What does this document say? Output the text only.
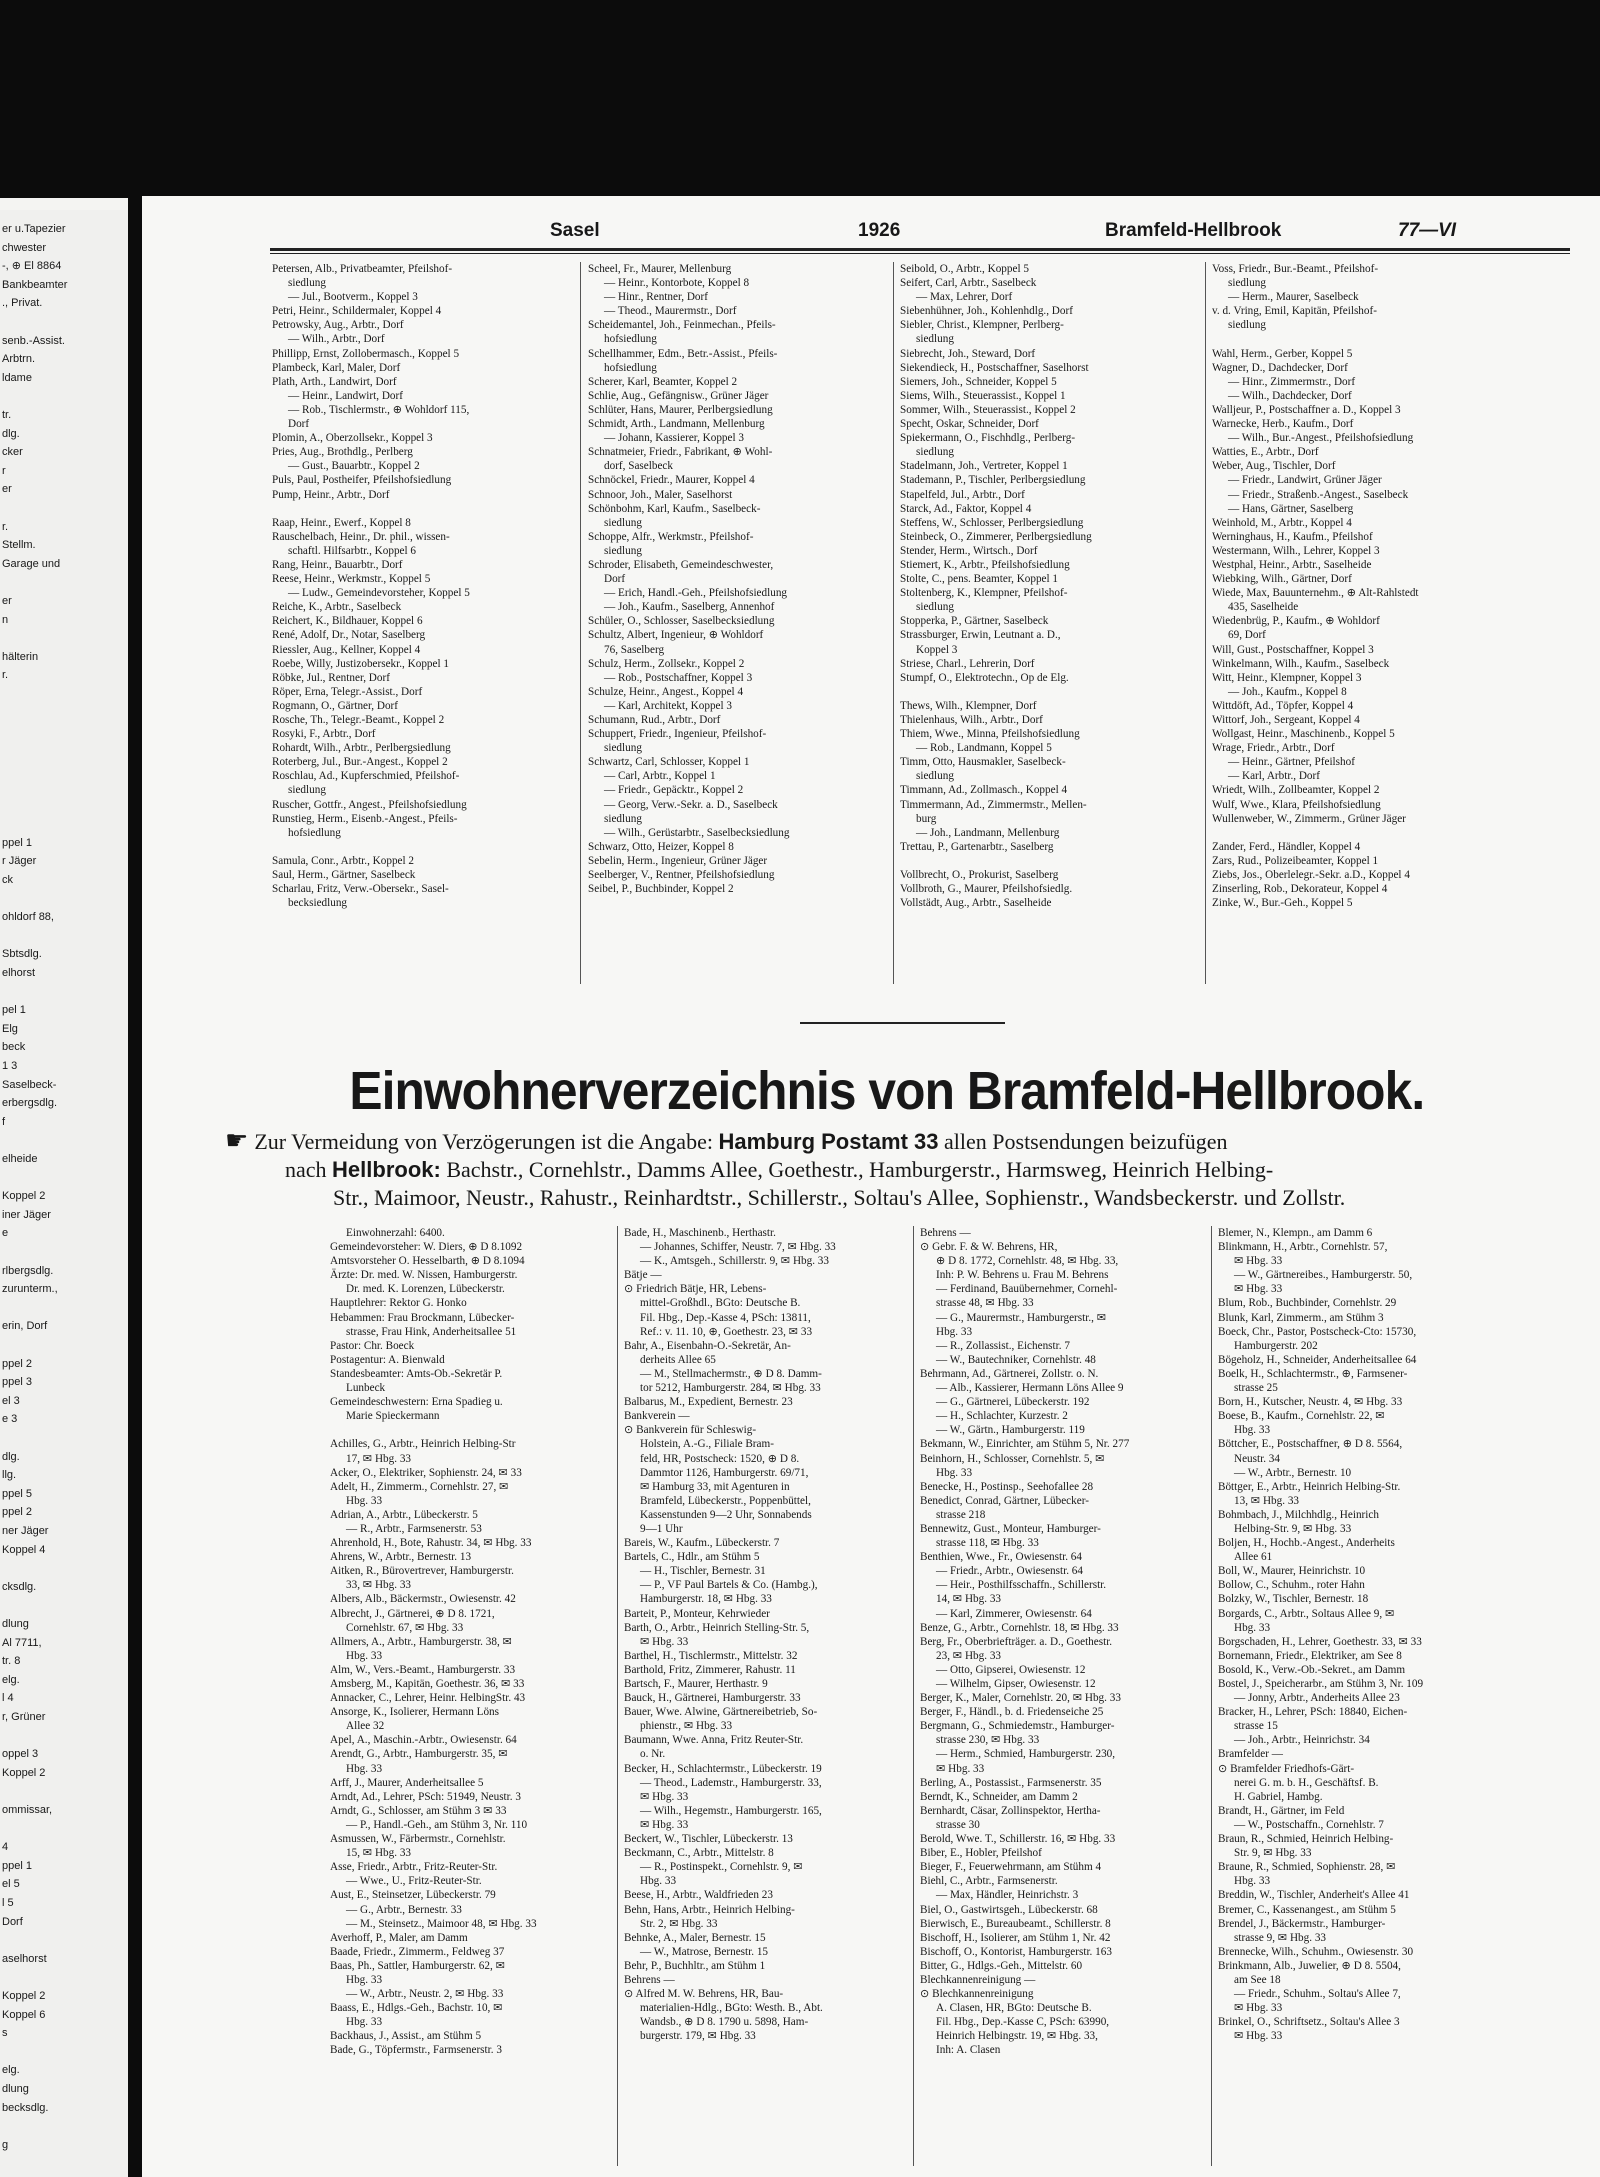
er u.Tapezier
chwester
-, ⊕ El 8864
Bankbeamter
., Privat.
senb.-Assist.
Arbtrn.
ldame
tr.
dlg.
cker
r
er
r.
Stellm.
Garage und
er
n
hälterin
r.
ppel 1
r Jäger
ck
ohldorf 88,
Sbtsdlg.
elhorst
pel 1
Elg
beck
1 3
Saselbeck-
erbergsdlg.
f
elheide
Koppel 2
iner Jäger
e
rlbergsdlg.
zurunterm.,
erin, Dorf
ppel 2
ppel 3
el 3
e 3
dlg.
llg.
ppel 5
ppel 2
ner Jäger
Koppel 4
cksdlg.
dlung
Al 7711,
tr. 8
elg.
l 4
r, Grüner
oppel 3
Koppel 2
ommissar,
4
ppel 1
el 5
l 5
Dorf
aselhorst
Koppel 2
Koppel 6
s
elg.
dlung
becksdlg.
g
Sasel	1926	Bramfeld-Hellbrook	77—VI
Petersen, Alb., Privatbeamter, Pfeilshof-
siedlung
— Jul., Bootverm., Koppel 3
Petri, Heinr., Schildermaler, Koppel 4
Petrowsky, Aug., Arbtr., Dorf
— Wilh., Arbtr., Dorf
Phillipp, Ernst, Zollobermasch., Koppel 5
Plambeck, Karl, Maler, Dorf
Plath, Arth., Landwirt, Dorf
— Heinr., Landwirt, Dorf
— Rob., Tischlermstr., ⊕ Wohldorf 115,
Dorf
Plomin, A., Oberzollsekr., Koppel 3
Pries, Aug., Brothdlg., Perlberg
— Gust., Bauarbtr., Koppel 2
Puls, Paul, Postheifer, Pfeilshofsiedlung
Pump, Heinr., Arbtr., Dorf

Raap, Heinr., Ewerf., Koppel 8
Rauschelbach, Heinr., Dr. phil., wissen-
schaftl. Hilfsarbtr., Koppel 6
Rang, Heinr., Bauarbtr., Dorf
Reese, Heinr., Werkmstr., Koppel 5
— Ludw., Gemeindevorsteher, Koppel 5
Reiche, K., Arbtr., Saselbeck
Reichert, K., Bildhauer, Koppel 6
René, Adolf, Dr., Notar, Saselberg
Riessler, Aug., Kellner, Koppel 4
Roebe, Willy, Justizobersekr., Koppel 1
Röbke, Jul., Rentner, Dorf
Röper, Erna, Telegr.-Assist., Dorf
Rogmann, O., Gärtner, Dorf
Rosche, Th., Telegr.-Beamt., Koppel 2
Rosyki, F., Arbtr., Dorf
Rohardt, Wilh., Arbtr., Perlbergsiedlung
Roterberg, Jul., Bur.-Angest., Koppel 2
Roschlau, Ad., Kupferschmied, Pfeilshof-
siedlung
Ruscher, Gottfr., Angest., Pfeilshofsiedlung
Runstieg, Herm., Eisenb.-Angest., Pfeils-
hofsiedlung

Samula, Conr., Arbtr., Koppel 2
Saul, Herm., Gärtner, Saselbeck
Scharlau, Fritz, Verw.-Obersekr., Sasel-
becksiedlung
Scheel, Fr., Maurer, Mellenburg
— Heinr., Kontorbote, Koppel 8
— Hinr., Rentner, Dorf
— Theod., Maurermstr., Dorf
Scheidemantel, Joh., Feinmechan., Pfeils-
hofsiedlung
Schellhammer, Edm., Betr.-Assist., Pfeils-
hofsiedlung
Scherer, Karl, Beamter, Koppel 2
Schlie, Aug., Gefängnisw., Grüner Jäger
Schlüter, Hans, Maurer, Perlbergsiedlung
Schmidt, Arth., Landmann, Mellenburg
— Johann, Kassierer, Koppel 3
Schnatmeier, Friedr., Fabrikant, ⊕ Wohl-
dorf, Saselbeck
Schnöckel, Friedr., Maurer, Koppel 4
Schnoor, Joh., Maler, Saselhorst
Schönbohm, Karl, Kaufm., Saselbeck-
siedlung
Schoppe, Alfr., Werkmstr., Pfeilshof-
siedlung
Schroder, Elisabeth, Gemeindeschwester,
Dorf
— Erich, Handl.-Geh., Pfeilshofsiedlung
— Joh., Kaufm., Saselberg, Annenhof
Schüler, O., Schlosser, Saselbecksiedlung
Schultz, Albert, Ingenieur, ⊕ Wohldorf
76, Saselberg
Schulz, Herm., Zollsekr., Koppel 2
— Rob., Postschaffner, Koppel 3
Schulze, Heinr., Angest., Koppel 4
— Karl, Architekt, Koppel 3
Schumann, Rud., Arbtr., Dorf
Schuppert, Friedr., Ingenieur, Pfeilshof-
siedlung
Schwartz, Carl, Schlosser, Koppel 1
— Carl, Arbtr., Koppel 1
— Friedr., Gepäcktr., Koppel 2
— Georg, Verw.-Sekr. a. D., Saselbeck
siedlung
— Wilh., Gerüstarbtr., Saselbecksiedlung
Schwarz, Otto, Heizer, Koppel 8
Sebelin, Herm., Ingenieur, Grüner Jäger
Seelberger, V., Rentner, Pfeilshofsiedlung
Seibel, P., Buchbinder, Koppel 2
Seibold, O., Arbtr., Koppel 5
Seifert, Carl, Arbtr., Saselbeck
— Max, Lehrer, Dorf
Siebenhühner, Joh., Kohlenhdlg., Dorf
Siebler, Christ., Klempner, Perlberg-
siedlung
Siebrecht, Joh., Steward, Dorf
Siekendieck, H., Postschaffner, Saselhorst
Siemers, Joh., Schneider, Koppel 5
Siems, Wilh., Steuerassist., Koppel 1
Sommer, Wilh., Steuerassist., Koppel 2
Specht, Oskar, Schneider, Dorf
Spiekermann, O., Fischhdlg., Perlberg-
siedlung
Stadelmann, Joh., Vertreter, Koppel 1
Stademann, P., Tischler, Perlbergsiedlung
Stapelfeld, Jul., Arbtr., Dorf
Starck, Ad., Faktor, Koppel 4
Steffens, W., Schlosser, Perlbergsiedlung
Steinbeck, O., Zimmerer, Perlbergsiedlung
Stender, Herm., Wirtsch., Dorf
Stiemert, K., Arbtr., Pfeilshofsiedlung
Stolte, C., pens. Beamter, Koppel 1
Stoltenberg, K., Klempner, Pfeilshof-
siedlung
Stopperka, P., Gärtner, Saselbeck
Strassburger, Erwin, Leutnant a. D.,
Koppel 3
Striese, Charl., Lehrerin, Dorf
Stumpf, O., Elektrotechn., Op de Elg.

Thews, Wilh., Klempner, Dorf
Thielenhaus, Wilh., Arbtr., Dorf
Thiem, Wwe., Minna, Pfeilshofsiedlung
— Rob., Landmann, Koppel 5
Timm, Otto, Hausmakler, Saselbeck-
siedlung
Timmann, Ad., Zollmasch., Koppel 4
Timmermann, Ad., Zimmermstr., Mellen-
burg
— Joh., Landmann, Mellenburg
Trettau, P., Gartenarbtr., Saselberg

Vollbrecht, O., Prokurist, Saselberg
Vollbroth, G., Maurer, Pfeilshofsiedlg.
Vollstädt, Aug., Arbtr., Saselheide
Voss, Friedr., Bur.-Beamt., Pfeilshof-
siedlung
— Herm., Maurer, Saselbeck
v. d. Vring, Emil, Kapitän, Pfeilshof-
siedlung

Wahl, Herm., Gerber, Koppel 5
Wagner, D., Dachdecker, Dorf
— Hinr., Zimmermstr., Dorf
— Wilh., Dachdecker, Dorf
Walljeur, P., Postschaffner a. D., Koppel 3
Warnecke, Herb., Kaufm., Dorf
— Wilh., Bur.-Angest., Pfeilshofsiedlung
Watties, E., Arbtr., Dorf
Weber, Aug., Tischler, Dorf
— Friedr., Landwirt, Grüner Jäger
— Friedr., Straßenb.-Angest., Saselbeck
— Hans, Gärtner, Saselberg
Weinhold, M., Arbtr., Koppel 4
Werninghaus, H., Kaufm., Pfeilshof
Westermann, Wilh., Lehrer, Koppel 3
Westphal, Heinr., Arbtr., Saselheide
Wiebking, Wilh., Gärtner, Dorf
Wiede, Max, Bauunternehm., ⊕ Alt-Rahlstedt
435, Saselheide
Wiedenbrüg, P., Kaufm., ⊕ Wohldorf
69, Dorf
Will, Gust., Postschaffner, Koppel 3
Winkelmann, Wilh., Kaufm., Saselbeck
Witt, Heinr., Klempner, Koppel 3
— Joh., Kaufm., Koppel 8
Wittdöft, Ad., Töpfer, Koppel 4
Wittorf, Joh., Sergeant, Koppel 4
Wollgast, Heinr., Maschinenb., Koppel 5
Wrage, Friedr., Arbtr., Dorf
— Heinr., Gärtner, Pfeilshof
— Karl, Arbtr., Dorf
Wriedt, Wilh., Zollbeamter, Koppel 2
Wulf, Wwe., Klara, Pfeilshofsiedlung
Wullenweber, W., Zimmerm., Grüner Jäger

Zander, Ferd., Händler, Koppel 4
Zars, Rud., Polizeibeamter, Koppel 1
Ziebs, Jos., Oberlelegr.-Sekr. a.D., Koppel 4
Zinserling, Rob., Dekorateur, Koppel 4
Zinke, W., Bur.-Geh., Koppel 5
Einwohnerverzeichnis von Bramfeld-Hellbrook.
☛ Zur Vermeidung von Verzögerungen ist die Angabe: Hamburg Postamt 33 allen Postsendungen beizufügen
nach Hellbrook: Bachstr., Cornehlstr., Damms Allee, Goethestr., Hamburgerstr., Harmsweg, Heinrich Helbing-
Str., Maimoor, Neustr., Rahustr., Reinhardtstr., Schillerstr., Soltau's Allee, Sophienstr., Wandsbeckerstr. und Zollstr.
Einwohnerzahl: 6400.
Gemeindevorsteher: W. Diers, ⊕ D 8.1092
Amtsvorsteher O. Hesselbarth, ⊕ D 8.1094
Ärzte: Dr. med. W. Nissen, Hamburgerstr.
Dr. med. K. Lorenzen, Lübeckerstr.
Hauptlehrer: Rektor G. Honko
Hebammen: Frau Brockmann, Lübecker-
strasse, Frau Hink, Anderheitsallee 51
Pastor: Chr. Boeck
Postagentur: A. Bienwald
Standesbeamter: Amts-Ob.-Sekretär P.
Lunbeck
Gemeindeschwestern: Erna Spadieg u.
Marie Spieckermann

Achilles, G., Arbtr., Heinrich Helbing-Str
17, ✉ Hbg. 33
Acker, O., Elektriker, Sophienstr. 24, ✉ 33
Adelt, H., Zimmerm., Cornehlstr. 27, ✉
Hbg. 33
Adrian, A., Arbtr., Lübeckerstr. 5
— R., Arbtr., Farmsenerstr. 53
Ahrenhold, H., Bote, Rahustr. 34, ✉ Hbg. 33
Ahrens, W., Arbtr., Bernestr. 13
Aitken, R., Bürovertrever, Hamburgerstr.
33, ✉ Hbg. 33
Albers, Alb., Bäckermstr., Owiesenstr. 42
Albrecht, J., Gärtnerei, ⊕ D 8. 1721,
Cornehlstr. 67, ✉ Hbg. 33
Allmers, A., Arbtr., Hamburgerstr. 38, ✉
Hbg. 33
Alm, W., Vers.-Beamt., Hamburgerstr. 33
Amsberg, M., Kapitän, Goethestr. 36, ✉ 33
Annacker, C., Lehrer, Heinr. HelbingStr. 43
Ansorge, K., Isolierer, Hermann Löns
Allee 32
Apel, A., Maschin.-Arbtr., Owiesenstr. 64
Arendt, G., Arbtr., Hamburgerstr. 35, ✉
Hbg. 33
Arff, J., Maurer, Anderheitsallee 5
Arndt, Ad., Lehrer, PSch: 51949, Neustr. 3
Arndt, G., Schlosser, am Stühm 3 ✉ 33
— P., Handl.-Geh., am Stühm 3, Nr. 110
Asmussen, W., Färbermstr., Cornehlstr.
15, ✉ Hbg. 33
Asse, Friedr., Arbtr., Fritz-Reuter-Str.
— Wwe., U., Fritz-Reuter-Str.
Aust, E., Steinsetzer, Lübeckerstr. 79
— G., Arbtr., Bernestr. 33
— M., Steinsetz., Maimoor 48, ✉ Hbg. 33
Averhoff, P., Maler, am Damm
Baade, Friedr., Zimmerm., Feldweg 37
Baas, Ph., Sattler, Hamburgerstr. 62, ✉
Hbg. 33
— W., Arbtr., Neustr. 2, ✉ Hbg. 33
Baass, E., Hdlgs.-Geh., Bachstr. 10, ✉
Hbg. 33
Backhaus, J., Assist., am Stühm 5
Bade, G., Töpfermstr., Farmsenerstr. 3
Bade, H., Maschinenb., Herthastr.
— Johannes, Schiffer, Neustr. 7, ✉ Hbg. 33
— K., Amtsgeh., Schillerstr. 9, ✉ Hbg. 33
Bätje —
⊙ Friedrich Bätje, HR, Lebens-
mittel-Großhdl., BGto: Deutsche B.
Fil. Hbg., Dep.-Kasse 4, PSch: 13811,
Ref.: v. 11. 10, ⊕, Goethestr. 23, ✉ 33
Bahr, A., Eisenbahn-O.-Sekretär, An-
derheits Allee 65
— M., Stellmachermstr., ⊕ D 8. Damm-
tor 5212, Hamburgerstr. 284, ✉ Hbg. 33
Balbarus, M., Expedient, Bernestr. 23
Bankverein —
⊙ Bankverein für Schleswig-
Holstein, A.-G., Filiale Bram-
feld, HR, Postscheck: 1520, ⊕ D 8.
Dammtor 1126, Hamburgerstr. 69/71,
✉ Hamburg 33, mit Agenturen in
Bramfeld, Lübeckerstr., Poppenbüttel,
Kassenstunden 9—2 Uhr, Sonnabends
9—1 Uhr
Bareis, W., Kaufm., Lübeckerstr. 7
Bartels, C., Hdlr., am Stühm 5
— H., Tischler, Bernestr. 31
— P., VF Paul Bartels & Co. (Hambg.),
Hamburgerstr. 18, ✉ Hbg. 33
Barteit, P., Monteur, Kehrwieder
Barth, O., Arbtr., Heinrich Stelling-Str. 5,
✉ Hbg. 33
Barthel, H., Tischlermstr., Mittelstr. 32
Barthold, Fritz, Zimmerer, Rahustr. 11
Bartsch, F., Maurer, Herthastr. 9
Bauck, H., Gärtnerei, Hamburgerstr. 33
Bauer, Wwe. Alwine, Gärtnereibetrieb, So-
phienstr., ✉ Hbg. 33
Baumann, Wwe. Anna, Fritz Reuter-Str.
o. Nr.
Becker, H., Schlachtermstr., Lübeckerstr. 19
— Theod., Lademstr., Hamburgerstr. 33,
✉ Hbg. 33
— Wilh., Hegemstr., Hamburgerstr. 165,
✉ Hbg. 33
Beckert, W., Tischler, Lübeckerstr. 13
Beckmann, C., Arbtr., Mittelstr. 8
— R., Postinspekt., Cornehlstr. 9, ✉
Hbg. 33
Beese, H., Arbtr., Waldfrieden 23
Behn, Hans, Arbtr., Heinrich Helbing-
Str. 2, ✉ Hbg. 33
Behnke, A., Maler, Bernestr. 15
— W., Matrose, Bernestr. 15
Behr, P., Buchhltr., am Stühm 1
Behrens —
⊙ Alfred M. W. Behrens, HR, Bau-
materialien-Hdlg., BGto: Westh. B., Abt.
Wandsb., ⊕ D 8. 1790 u. 5898, Ham-
burgerstr. 179, ✉ Hbg. 33
Behrens —
⊙ Gebr. F. & W. Behrens, HR,
⊕ D 8. 1772, Cornehlstr. 48, ✉ Hbg. 33,
Inh: P. W. Behrens u. Frau M. Behrens
— Ferdinand, Bauübernehmer, Cornehl-
strasse 48, ✉ Hbg. 33
— G., Maurermstr., Hamburgerstr., ✉
Hbg. 33
— R., Zollassist., Eichenstr. 7
— W., Bautechniker, Cornehlstr. 48
Behrmann, Ad., Gärtnerei, Zollstr. o. N.
— Alb., Kassierer, Hermann Löns Allee 9
— G., Gärtnerei, Lübeckerstr. 192
— H., Schlachter, Kurzestr. 2
— W., Gärtn., Hamburgerstr. 119
Bekmann, W., Einrichter, am Stühm 5, Nr. 277
Beinhorn, H., Schlosser, Cornehlstr. 5, ✉
Hbg. 33
Benecke, H., Postinsp., Seehofallee 28
Benedict, Conrad, Gärtner, Lübecker-
strasse 218
Bennewitz, Gust., Monteur, Hamburger-
strasse 118, ✉ Hbg. 33
Benthien, Wwe., Fr., Owiesenstr. 64
— Friedr., Arbtr., Owiesenstr. 64
— Heir., Posthilfsschaffn., Schillerstr.
14, ✉ Hbg. 33
— Karl, Zimmerer, Owiesenstr. 64
Benze, G., Arbtr., Cornehlstr. 18, ✉ Hbg. 33
Berg, Fr., Oberbriefträger. a. D., Goethestr.
23, ✉ Hbg. 33
— Otto, Gipserei, Owiesenstr. 12
— Wilhelm, Gipser, Owiesenstr. 12
Berger, K., Maler, Cornehlstr. 20, ✉ Hbg. 33
Berger, F., Händl., b. d. Friedenseiche 25
Bergmann, G., Schmiedemstr., Hamburger-
strasse 230, ✉ Hbg. 33
— Herm., Schmied, Hamburgerstr. 230,
✉ Hbg. 33
Berling, A., Postassist., Farmsenerstr. 35
Berndt, K., Schneider, am Damm 2
Bernhardt, Cäsar, Zollinspektor, Hertha-
strasse 30
Berold, Wwe. T., Schillerstr. 16, ✉ Hbg. 33
Biber, E., Hobler, Pfeilshof
Bieger, F., Feuerwehrmann, am Stühm 4
Biehl, C., Arbtr., Farmsenerstr.
— Max, Händler, Heinrichstr. 3
Biel, O., Gastwirtsgeh., Lübeckerstr. 68
Bierwisch, E., Bureaubeamt., Schillerstr. 8
Bischoff, H., Isolierer, am Stühm 1, Nr. 42
Bischoff, O., Kontorist, Hamburgerstr. 163
Bitter, G., Hdlgs.-Geh., Mittelstr. 60
Blechkannenreinigung —
⊙ Blechkannenreinigung
A. Clasen, HR, BGto: Deutsche B.
Fil. Hbg., Dep.-Kasse C, PSch: 63990,
Heinrich Helbingstr. 19, ✉ Hbg. 33,
Inh: A. Clasen
Blemer, N., Klempn., am Damm 6
Blinkmann, H., Arbtr., Cornehlstr. 57,
✉ Hbg. 33
— W., Gärtnereibes., Hamburgerstr. 50,
✉ Hbg. 33
Blum, Rob., Buchbinder, Cornehlstr. 29
Blunk, Karl, Zimmerm., am Stühm 3
Boeck, Chr., Pastor, Postscheck-Cto: 15730,
Hamburgerstr. 202
Bögeholz, H., Schneider, Anderheitsallee 64
Boelk, H., Schlachtermstr., ⊕, Farmsener-
strasse 25
Born, H., Kutscher, Neustr. 4, ✉ Hbg. 33
Boese, B., Kaufm., Cornehlstr. 22, ✉
Hbg. 33
Böttcher, E., Postschaffner, ⊕ D 8. 5564,
Neustr. 34
— W., Arbtr., Bernestr. 10
Böttger, E., Arbtr., Heinrich Helbing-Str.
13, ✉ Hbg. 33
Bohmbach, J., Milchhdlg., Heinrich
Helbing-Str. 9, ✉ Hbg. 33
Boljen, H., Hochb.-Angest., Anderheits
Allee 61
Boll, W., Maurer, Heinrichstr. 10
Bollow, C., Schuhm., roter Hahn
Bolzky, W., Tischler, Bernestr. 18
Borgards, C., Arbtr., Soltaus Allee 9, ✉
Hbg. 33
Borgschaden, H., Lehrer, Goethestr. 33, ✉ 33
Bornemann, Friedr., Elektriker, am See 8
Bosold, K., Verw.-Ob.-Sekret., am Damm
Bostel, J., Speicherarbr., am Stühm 3, Nr. 109
— Jonny, Arbtr., Anderheits Allee 23
Bracker, H., Lehrer, PSch: 18840, Eichen-
strasse 15
— Joh., Arbtr., Heinrichstr. 34
Bramfelder —
⊙ Bramfelder Friedhofs-Gärt-
nerei G. m. b. H., Geschäftsf. B.
H. Gabriel, Hambg.
Brandt, H., Gärtner, im Feld
— W., Postschaffn., Cornehlstr. 7
Braun, R., Schmied, Heinrich Helbing-
Str. 9, ✉ Hbg. 33
Braune, R., Schmied, Sophienstr. 28, ✉
Hbg. 33
Breddin, W., Tischler, Anderheit's Allee 41
Bremer, C., Kassenangest., am Stühm 5
Brendel, J., Bäckermstr., Hamburger-
strasse 9, ✉ Hbg. 33
Brennecke, Wilh., Schuhm., Owiesenstr. 30
Brinkmann, Alb., Juwelier, ⊕ D 8. 5504,
am See 18
— Friedr., Schuhm., Soltau's Allee 7,
✉ Hbg. 33
Brinkel, O., Schriftsetz., Soltau's Allee 3
✉ Hbg. 33
